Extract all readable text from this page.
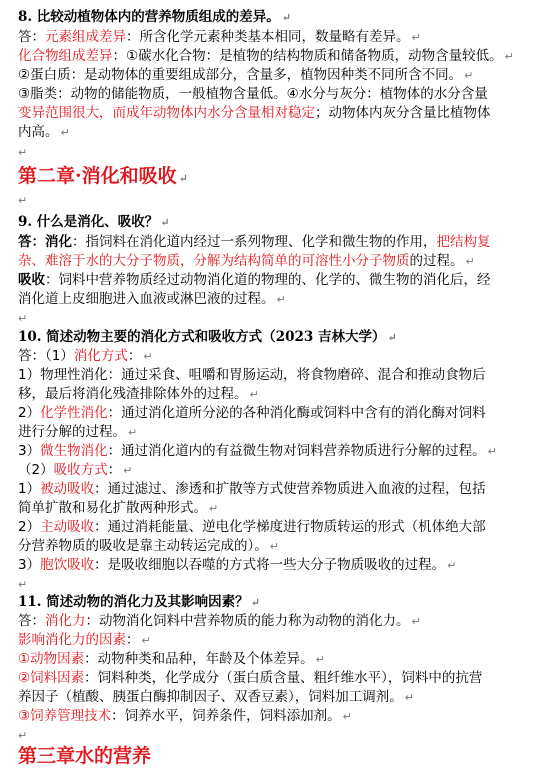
8. 比较动植物体内的营养物质组成的差异。 ↵
答：元素组成差异：所含化学元素种类基本相同，数量略有差异。 ↵
化合物组成差异：①碳水化合物：是植物的结构物质和储备物质，动物含量较低。 ↵
②蛋白质：是动物体的重要组成部分，含量多，植物因种类不同所含不同。 ↵
③脂类：动物的储能物质，一般植物含量低。④水分与灰分：植物体的水分含量
变异范围很大，而成年动物体内水分含量相对稳定；动物体内灰分含量比植物体
内高。 ↵
↵
第二章·消化和吸收 ↵
↵
9. 什么是消化、吸收？ ↵
答：消化：指饲料在消化道内经过一系列物理、化学和微生物的作用，把结构复
杂、难溶于水的大分子物质，分解为结构简单的可溶性小分子物质的过程。 ↵
吸收：饲料中营养物质经过动物消化道的物理的、化学的、微生物的消化后，经
消化道上皮细胞进入血液或淋巴液的过程。 ↵
↵
10. 简述动物主要的消化方式和吸收方式（2023 吉林大学） ↵
答：（1）消化方式： ↵
1）物理性消化：通过采食、咀嚼和胃肠运动，将食物磨碎、混合和推动食物后
移，最后将消化残渣排除体外的过程。 ↵
2）化学性消化：通过消化道所分泌的各种消化酶或饲料中含有的消化酶对饲料
进行分解的过程。 ↵
3）微生物消化：通过消化道内的有益微生物对饲料营养物质进行分解的过程。 ↵
（2）吸收方式： ↵
1）被动吸收：通过滤过、渗透和扩散等方式使营养物质进入血液的过程，包括
简单扩散和易化扩散两种形式。 ↵
2）主动吸收：通过消耗能量、逆电化学梯度进行物质转运的形式（机体绝大部
分营养物质的吸收是靠主动转运完成的）。 ↵
3）胞饮吸收：是吸收细胞以吞噬的方式将一些大分子物质吸收的过程。 ↵
↵
11. 简述动物的消化力及其影响因素？ ↵
答：消化力：动物消化饲料中营养物质的能力称为动物的消化力。 ↵
影响消化力的因素： ↵
①动物因素：动物种类和品种，年龄及个体差异。 ↵
②饲料因素：饲料种类，化学成分（蛋白质含量、粗纤维水平），饲料中的抗营
养因子（植酸、胰蛋白酶抑制因子、双香豆素），饲料加工调剂。 ↵
③饲养管理技术：饲养水平，饲养条件，饲料添加剂。 ↵
↵
第三章水的营养
